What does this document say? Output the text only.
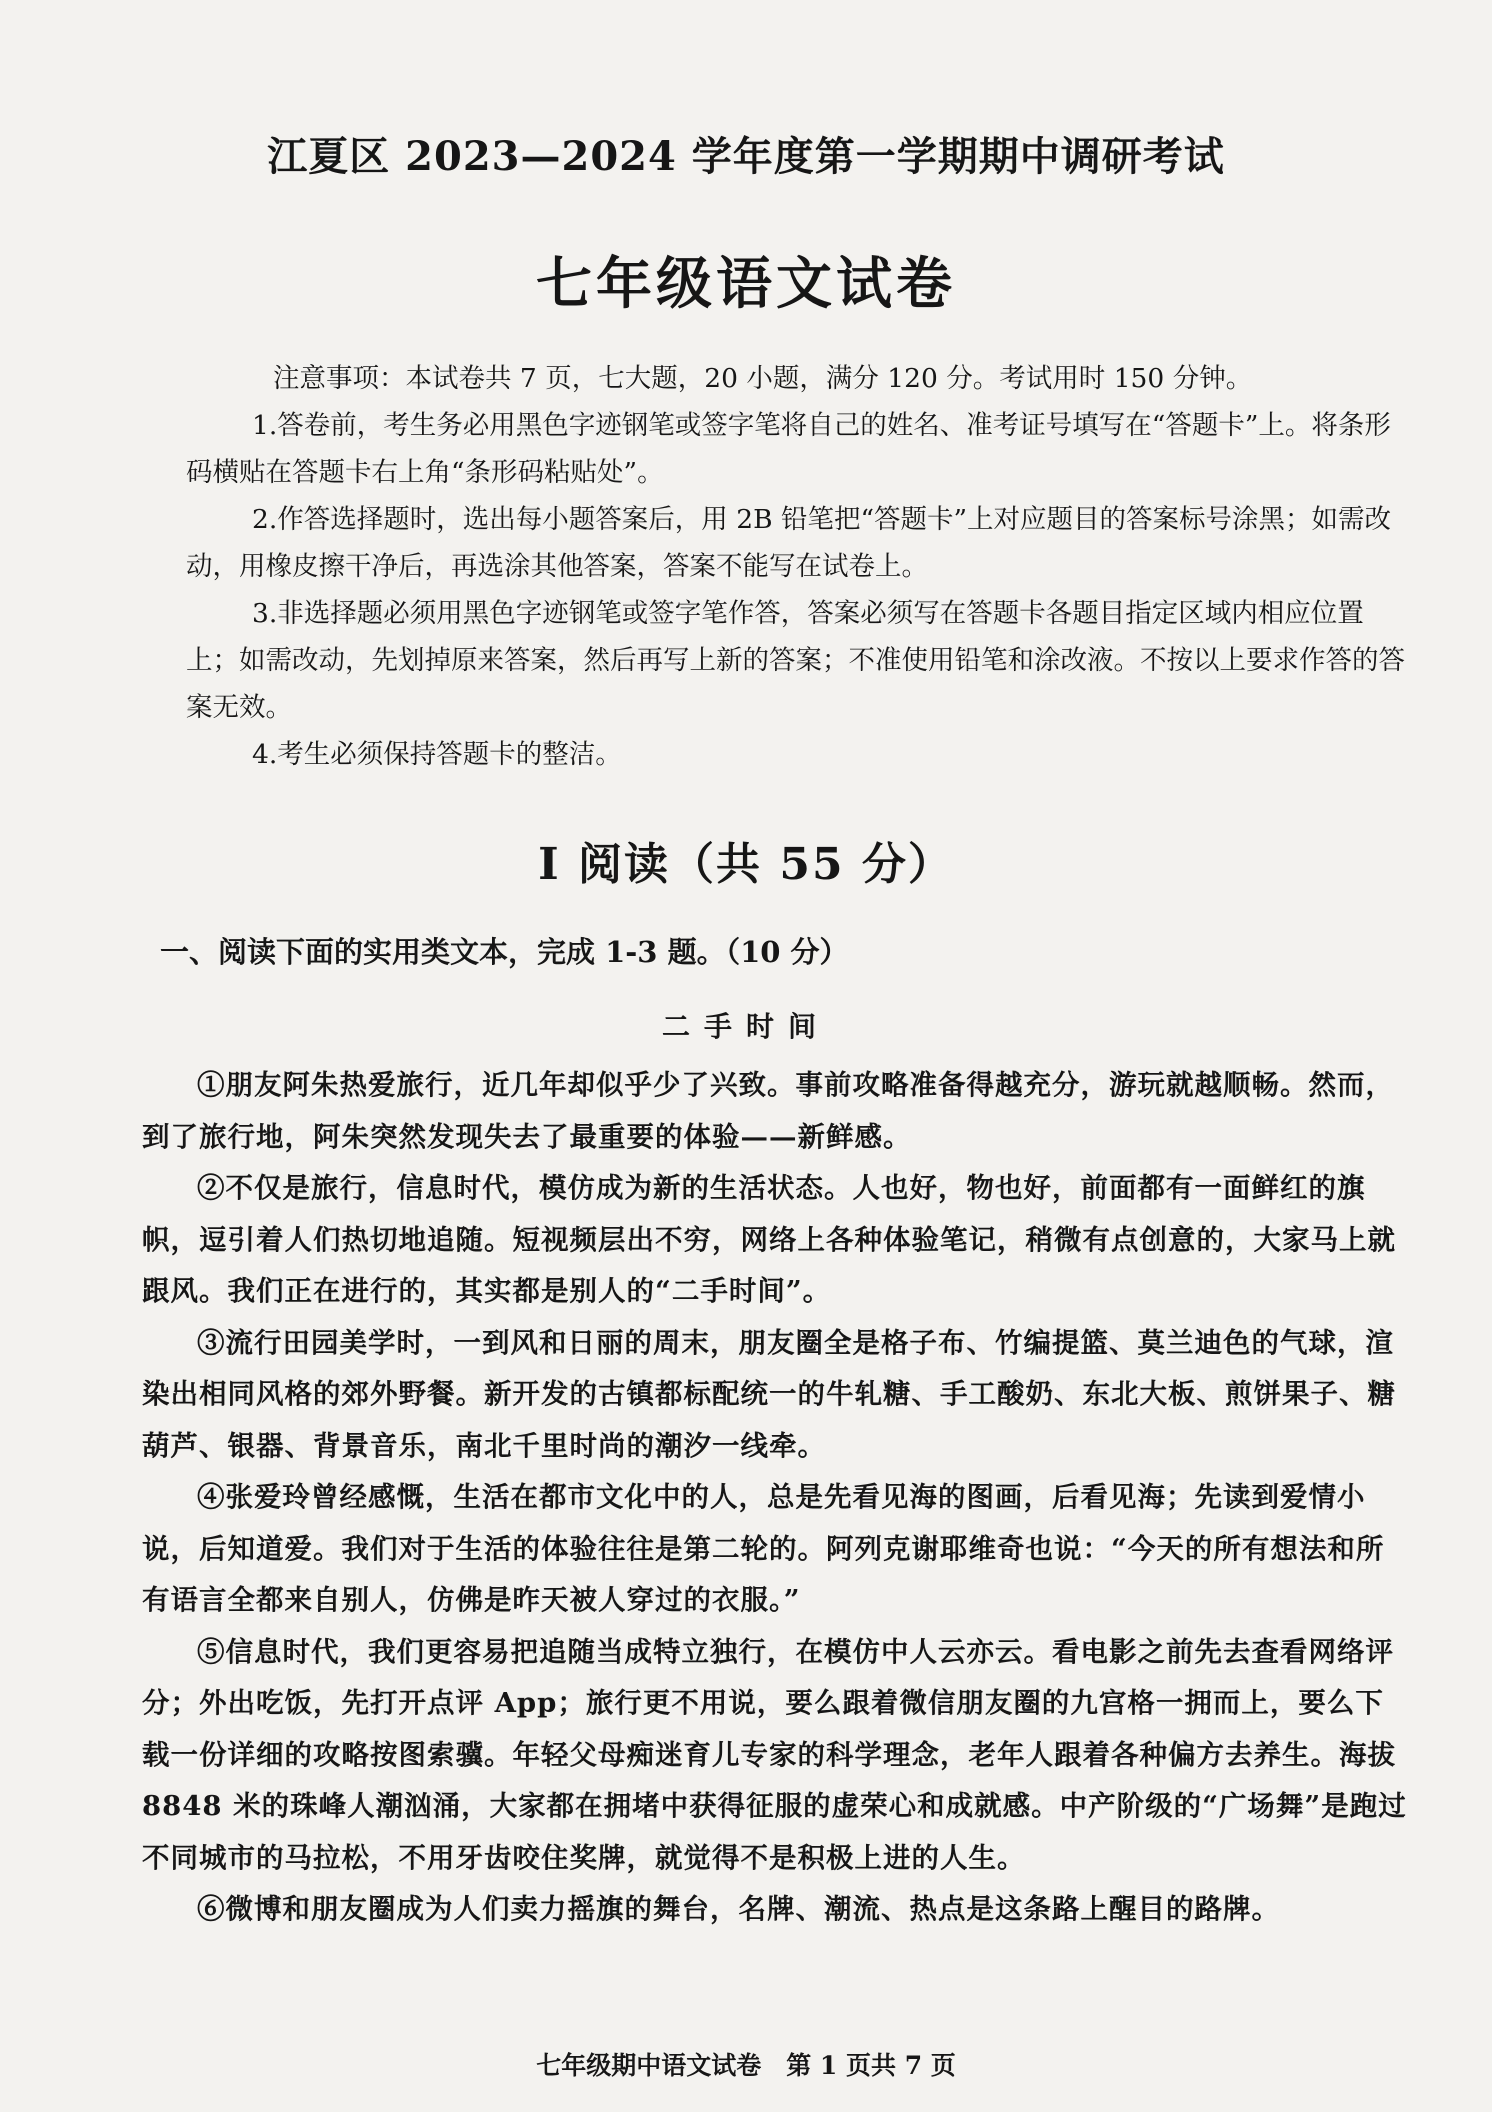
江夏区 2023—2024 学年度第一学期期中调研考试
七年级语文试卷

注意事项：本试卷共 7 页，七大题，20 小题，满分 120 分。考试用时 150 分钟。

1.答卷前，考生务必用黑色字迹钢笔或签字笔将自己的姓名、准考证号填写在“答题卡”上。将条形码横贴在答题卡右上角“条形码粘贴处”。

2.作答选择题时，选出每小题答案后，用 2B 铅笔把“答题卡”上对应题目的答案标号涂黑；如需改动，用橡皮擦干净后，再选涂其他答案，答案不能写在试卷上。

3.非选择题必须用黑色字迹钢笔或签字笔作答，答案必须写在答题卡各题目指定区域内相应位置上；如需改动，先划掉原来答案，然后再写上新的答案；不准使用铅笔和涂改液。不按以上要求作答的答案无效。

4.考生必须保持答题卡的整洁。

Ⅰ 阅读（共 55 分）
一、阅读下面的实用类文本，完成 1-3 题。（10 分）
二手时间

①朋友阿朱热爱旅行，近几年却似乎少了兴致。事前攻略准备得越充分，游玩就越顺畅。然而，到了旅行地，阿朱突然发现失去了最重要的体验——新鲜感。

②不仅是旅行，信息时代，模仿成为新的生活状态。人也好，物也好，前面都有一面鲜红的旗帜，逗引着人们热切地追随。短视频层出不穷，网络上各种体验笔记，稍微有点创意的，大家马上就跟风。我们正在进行的，其实都是别人的“二手时间”。

③流行田园美学时，一到风和日丽的周末，朋友圈全是格子布、竹编提篮、莫兰迪色的气球，渲染出相同风格的郊外野餐。新开发的古镇都标配统一的牛轧糖、手工酸奶、东北大板、煎饼果子、糖葫芦、银器、背景音乐，南北千里时尚的潮汐一线牵。

④张爱玲曾经感慨，生活在都市文化中的人，总是先看见海的图画，后看见海；先读到爱情小说，后知道爱。我们对于生活的体验往往是第二轮的。阿列克谢耶维奇也说：“今天的所有想法和所有语言全都来自别人，仿佛是昨天被人穿过的衣服。”

⑤信息时代，我们更容易把追随当成特立独行，在模仿中人云亦云。看电影之前先去查看网络评分；外出吃饭，先打开点评 App；旅行更不用说，要么跟着微信朋友圈的九宫格一拥而上，要么下载一份详细的攻略按图索骥。年轻父母痴迷育儿专家的科学理念，老年人跟着各种偏方去养生。海拔 8848 米的珠峰人潮汹涌，大家都在拥堵中获得征服的虚荣心和成就感。中产阶级的“广场舞”是跑过不同城市的马拉松，不用牙齿咬住奖牌，就觉得不是积极上进的人生。

⑥微博和朋友圈成为人们卖力摇旗的舞台，名牌、潮流、热点是这条路上醒目的路牌。

七年级期中语文试卷　第 1 页共 7 页
